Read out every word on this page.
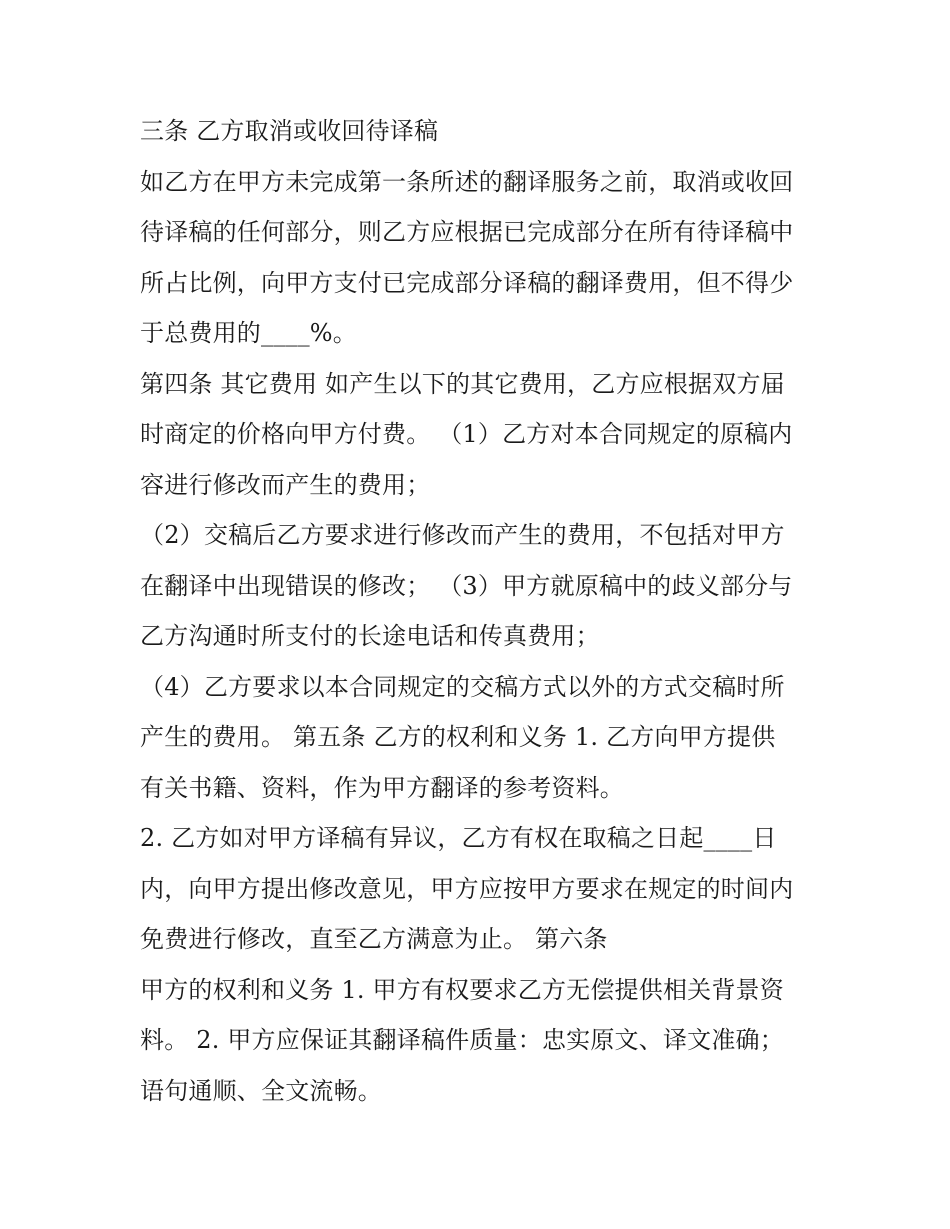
三条 乙方取消或收回待译稿
如乙方在甲方未完成第一条所述的翻译服务之前，取消或收回
待译稿的任何部分，则乙方应根据已完成部分在所有待译稿中
所占比例，向甲方支付已完成部分译稿的翻译费用，但不得少
于总费用的____%。
第四条 其它费用 如产生以下的其它费用，乙方应根据双方届
时商定的价格向甲方付费。 （1）乙方对本合同规定的原稿内
容进行修改而产生的费用；
（2）交稿后乙方要求进行修改而产生的费用，不包括对甲方
在翻译中出现错误的修改； （3）甲方就原稿中的歧义部分与
乙方沟通时所支付的长途电话和传真费用；
（4）乙方要求以本合同规定的交稿方式以外的方式交稿时所
产生的费用。 第五条 乙方的权利和义务 1. 乙方向甲方提供
有关书籍、资料，作为甲方翻译的参考资料。
2. 乙方如对甲方译稿有异议，乙方有权在取稿之日起____日
内，向甲方提出修改意见，甲方应按甲方要求在规定的时间内
免费进行修改，直至乙方满意为止。 第六条
甲方的权利和义务 1. 甲方有权要求乙方无偿提供相关背景资
料。 2. 甲方应保证其翻译稿件质量：忠实原文、译文准确；
语句通顺、全文流畅。
